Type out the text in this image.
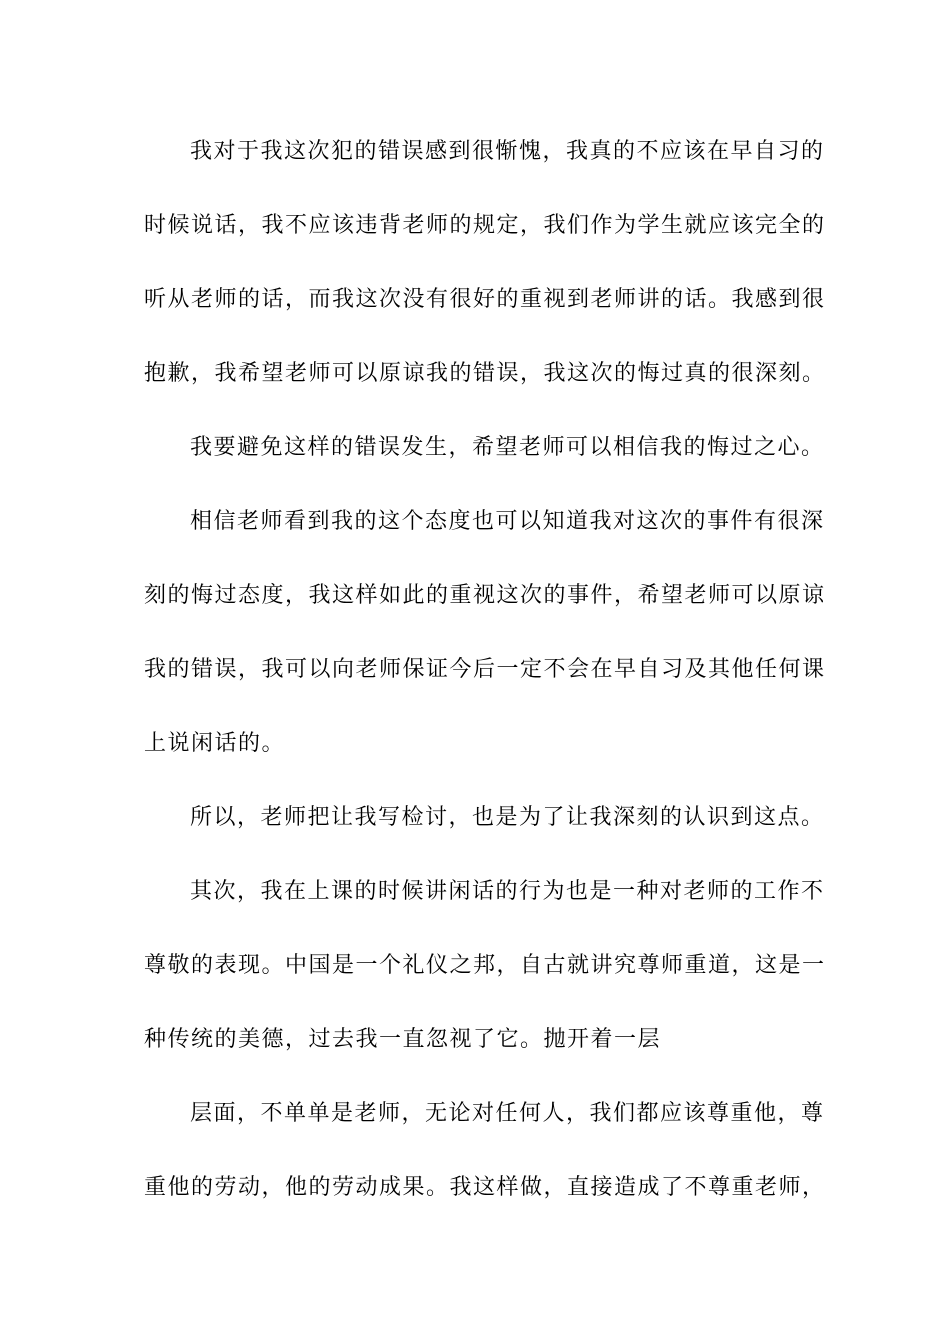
我对于我这次犯的错误感到很惭愧，我真的不应该在早自习的
时候说话，我不应该违背老师的规定，我们作为学生就应该完全的
听从老师的话，而我这次没有很好的重视到老师讲的话。我感到很
抱歉，我希望老师可以原谅我的错误，我这次的悔过真的很深刻。
我要避免这样的错误发生，希望老师可以相信我的悔过之心。
相信老师看到我的这个态度也可以知道我对这次的事件有很深
刻的悔过态度，我这样如此的重视这次的事件，希望老师可以原谅
我的错误，我可以向老师保证今后一定不会在早自习及其他任何课
上说闲话的。
所以，老师把让我写检讨，也是为了让我深刻的认识到这点。
其次，我在上课的时候讲闲话的行为也是一种对老师的工作不
尊敬的表现。中国是一个礼仪之邦，自古就讲究尊师重道，这是一
种传统的美德，过去我一直忽视了它。抛开着一层
层面，不单单是老师，无论对任何人，我们都应该尊重他，尊
重他的劳动，他的劳动成果。我这样做，直接造成了不尊重老师，
